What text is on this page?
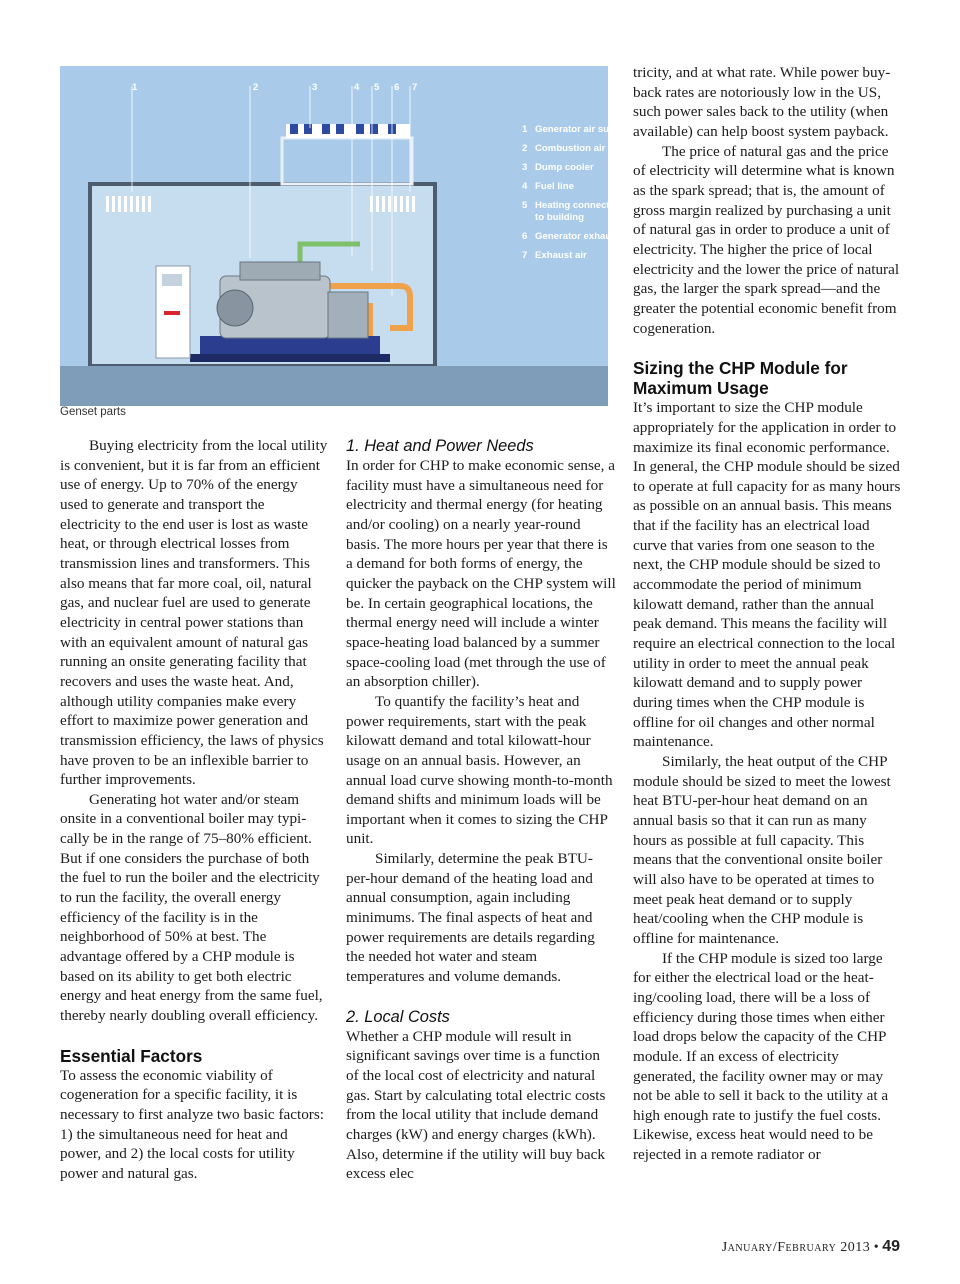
1	2	3	4 5 6 7
1 Generator air supply
2 Combustion air supply
3 Dump cooler
4 Fuel line
5 Heating connection to building
6 Generator exhaust
7 Exhaust air
Genset parts

Buying electricity from the local utility is convenient, but it is far from an efficient use of energy. Up to 70% of the energy used to generate and transport the electricity to the end user is lost as waste heat, or through electrical losses from transmission lines and transformers. This also means that far more coal, oil, natural gas, and nuclear fuel are used to generate electricity in central power stations than with an equivalent amount of natural gas running an onsite generating facility that recovers and uses the waste heat. And, although utility companies make every effort to maximize power generation and transmission efficiency, the laws of physics have proven to be an inflexible barrier to further improvements.

Generating hot water and/or steam onsite in a conventional boiler may typically be in the range of 75–80% efficient. But if one considers the purchase of both the fuel to run the boiler and the electricity to run the facility, the overall energy efficiency of the facility is in the neighborhood of 50% at best. The advantage offered by a CHP module is based on its ability to get both electric energy and heat energy from the same fuel, thereby nearly doubling overall efficiency.

Essential Factors

To assess the economic viability of cogeneration for a specific facility, it is necessary to first analyze two basic factors: 1) the simultaneous need for heat and power, and 2) the local costs for utility power and natural gas.

1. Heat and Power Needs

In order for CHP to make economic sense, a facility must have a simultaneous need for electricity and thermal energy (for heating and/or cooling) on a nearly year-round basis. The more hours per year that there is a demand for both forms of energy, the quicker the payback on the CHP system will be. In certain geographical locations, the thermal energy need will include a winter space-heating load balanced by a summer space-cooling load (met through the use of an absorption chiller).

To quantify the facility’s heat and power requirements, start with the peak kilowatt demand and total kilowatt-hour usage on an annual basis. However, an annual load curve showing month-to-month demand shifts and minimum loads will be important when it comes to sizing the CHP unit.

Similarly, determine the peak BTU-per-hour demand of the heating load and annual consumption, again including minimums. The final aspects of heat and power requirements are details regarding the needed hot water and steam temperatures and volume demands.

2. Local Costs

Whether a CHP module will result in significant savings over time is a function of the local cost of electricity and natural gas. Start by calculating total electric costs from the local utility that include demand charges (kW) and energy charges (kWh). Also, determine if the utility will buy back excess elec

tricity, and at what rate. While power buy-back rates are notoriously low in the US, such power sales back to the utility (when available) can help boost system payback.

The price of natural gas and the price of electricity will determine what is known as the spark spread; that is, the amount of gross margin realized by purchasing a unit of natural gas in order to produce a unit of electricity. The higher the price of local electricity and the lower the price of natural gas, the larger the spark spread—and the greater the potential economic benefit from cogeneration.

Sizing the CHP Module for Maximum Usage

It’s important to size the CHP module appropriately for the application in order to maximize its final economic performance. In general, the CHP module should be sized to operate at full capacity for as many hours as possible on an annual basis. This means that if the facility has an electrical load curve that varies from one season to the next, the CHP module should be sized to accommodate the period of minimum kilowatt demand, rather than the annual peak demand. This means the facility will require an electrical connection to the local utility in order to meet the annual peak kilowatt demand and to supply power during times when the CHP module is offline for oil changes and other normal maintenance.

Similarly, the heat output of the CHP module should be sized to meet the lowest heat BTU-per-hour heat demand on an annual basis so that it can run as many hours as possible at full capacity. This means that the conventional onsite boiler will also have to be operated at times to meet peak heat demand or to supply heat/cooling when the CHP module is offline for maintenance.

If the CHP module is sized too large for either the electrical load or the heating/cooling load, there will be a loss of efficiency during those times when either load drops below the capacity of the CHP module. If an excess of electricity generated, the facility owner may or may not be able to sell it back to the utility at a high enough rate to justify the fuel costs. Likewise, excess heat would need to be rejected in a remote radiator or

January/February 2013 • 49
